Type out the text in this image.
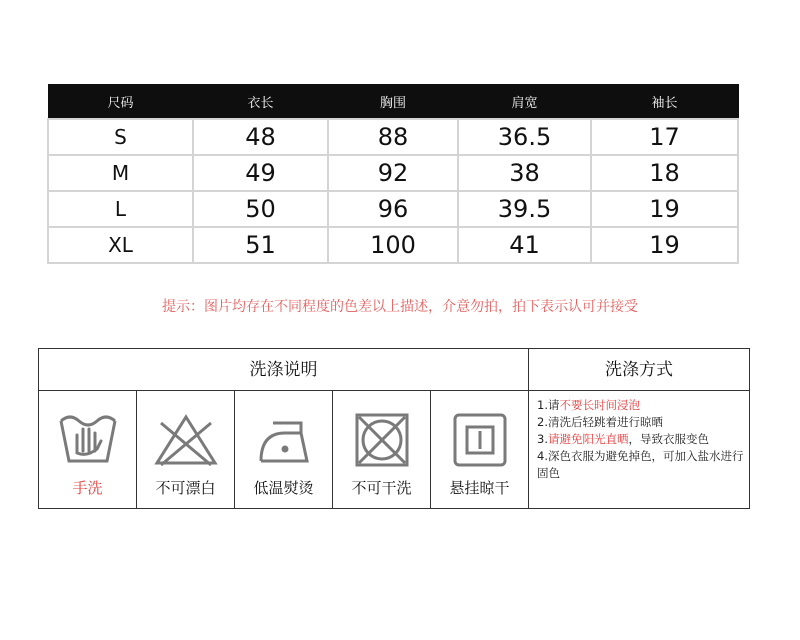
尺码	衣长	胸围	肩宽	袖长
S	48	88	36.5	17
M	49	92	38	18
L	50	96	39.5	19
XL	51	100	41	19
提示：图片均存在不同程度的色差以上描述，介意勿拍，拍下表示认可并接受
洗涤说明	洗涤方式
手洗	不可漂白	低温熨烫	不可干洗	悬挂晾干
1.请不要长时间浸泡
2.清洗后轻跳着进行晾晒
3.请避免阳光直晒，导致衣服变色
4.深色衣服为避免掉色，可加入盐水进行固色
